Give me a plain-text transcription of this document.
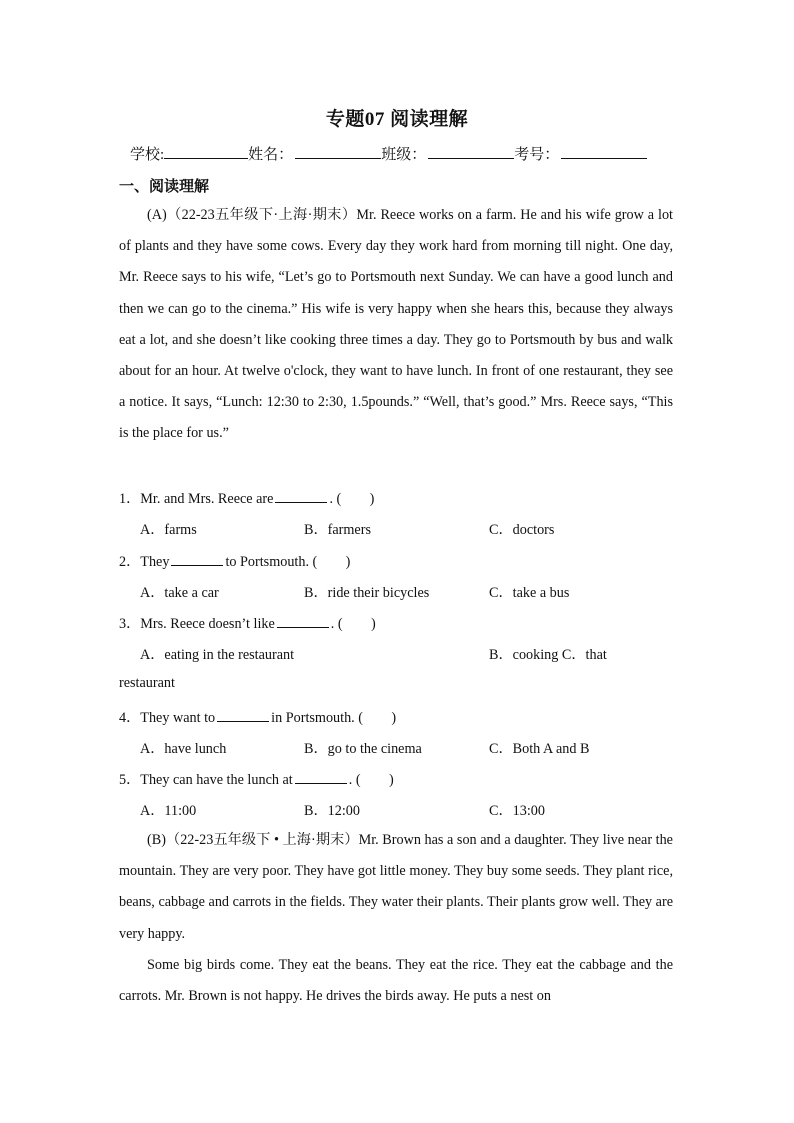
专题07 阅读理解
学校:	姓名：	班级：	考号：
一、阅读理解
(A)（22-23五年级下·上海·期末）Mr. Reece works on a farm. He and his wife grow a lot of plants and they have some cows. Every day they work hard from morning till night. One day, Mr. Reece says to his wife, “Let’s go to Portsmouth next Sunday. We can have a good lunch and then we can go to the cinema.” His wife is very happy when she hears this, because they always eat a lot, and she doesn’t like cooking three times a day. They go to Portsmouth by bus and walk about for an hour. At twelve o'clock, they want to have lunch. In front of one restaurant, they see a notice. It says, “Lunch: 12:30 to 2:30, 1.5pounds.” “Well, that’s good.” Mrs. Reece says, “This is the place for us.”
1．Mr. and Mrs. Reece are	. (　　)
A．farms	B．farmers	C．doctors
2．They	to Portsmouth. (　　)
A．take a car	B．ride their bicycles	C．take a bus
3．Mrs. Reece doesn’t like	. (　　)
A．eating in the restaurant	B．cooking C．that
restaurant
4．They want to	in Portsmouth. (　　)
A．have lunch	B．go to the cinema	C．Both A and B
5．They can have the lunch at	. (　　)
A．11:00	B．12:00	C．13:00
(B)（22-23五年级下 • 上海·期末）Mr. Brown has a son and a daughter. They live near the mountain. They are very poor. They have got little money. They buy some seeds. They plant rice, beans, cabbage and carrots in the fields. They water their plants. Their plants grow well. They are very happy.
Some big birds come. They eat the beans. They eat the rice. They eat the cabbage and the carrots. Mr. Brown is not happy. He drives the birds away. He puts a nest on
